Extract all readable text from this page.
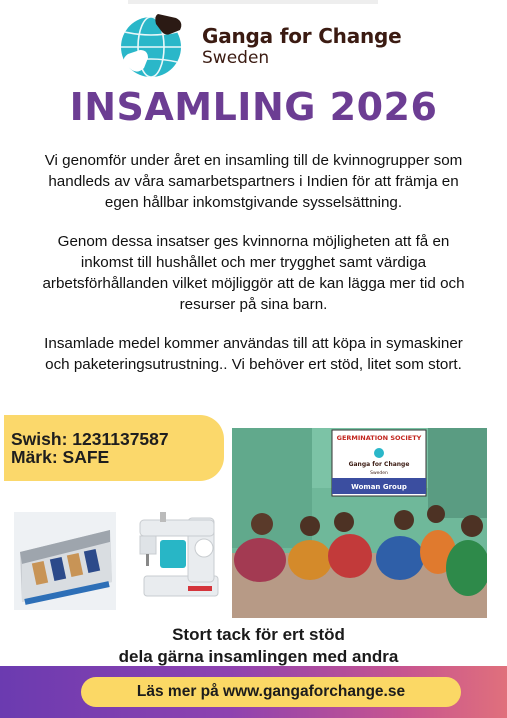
Ganga for Change
Sweden
INSAMLING 2026
Vi genomför under året en insamling till de kvinnogrupper som
handleds av våra samarbetspartners i Indien för att främja en
egen hållbar inkomstgivande sysselsättning.
Genom dessa insatser ges kvinnorna möjligheten att få en
inkomst till hushållet och mer trygghet samt värdiga
arbetsförhållanden vilket möjliggör att de kan lägga mer tid och
resurser på sina barn.
Insamlade medel kommer användas till att köpa in symaskiner
och paketeringsutrustning.. Vi behöver ert stöd, litet som stort.
Swish: 1231137587
Märk: SAFE
GERMINATION SOCIETY
Ganga for Change
Sweden
Woman Group
Stort tack för ert stöd
dela gärna insamlingen med andra
Läs mer på www.gangaforchange.se
